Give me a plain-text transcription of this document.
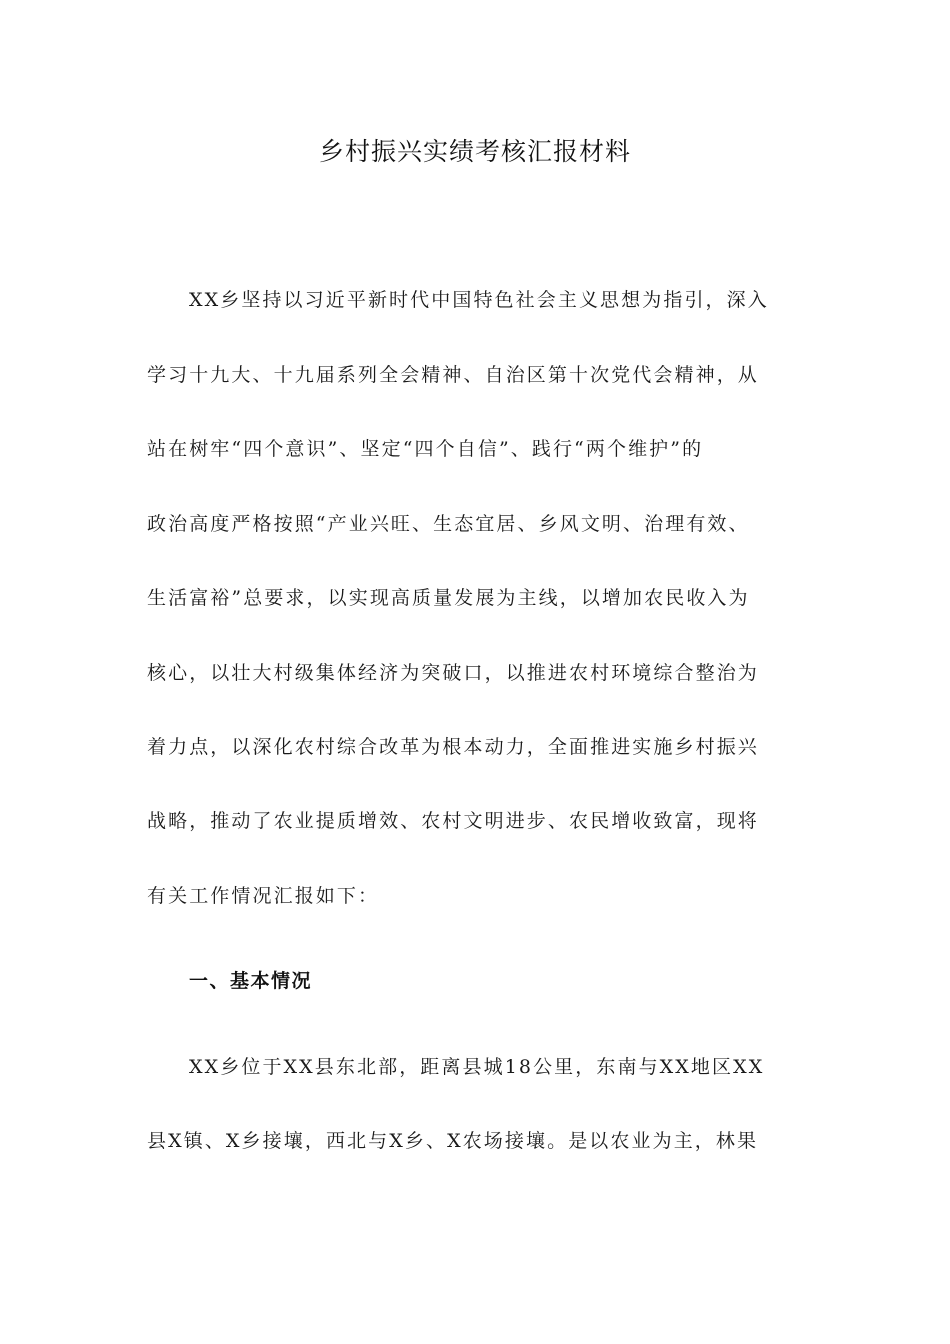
乡村振兴实绩考核汇报材料
XX乡坚持以习近平新时代中国特色社会主义思想为指引，深入
学习十九大、十九届系列全会精神、自治区第十次党代会精神，从
站在树牢“四个意识”、坚定“四个自信”、践行“两个维护”的
政治高度严格按照“产业兴旺、生态宜居、乡风文明、治理有效、
生活富裕”总要求，以实现高质量发展为主线，以增加农民收入为
核心，以壮大村级集体经济为突破口，以推进农村环境综合整治为
着力点，以深化农村综合改革为根本动力，全面推进实施乡村振兴
战略，推动了农业提质增效、农村文明进步、农民增收致富，现将
有关工作情况汇报如下：
一、基本情况
XX乡位于XX县东北部，距离县城18公里，东南与XX地区XX
县X镇、X乡接壤，西北与X乡、X农场接壤。是以农业为主，林果
